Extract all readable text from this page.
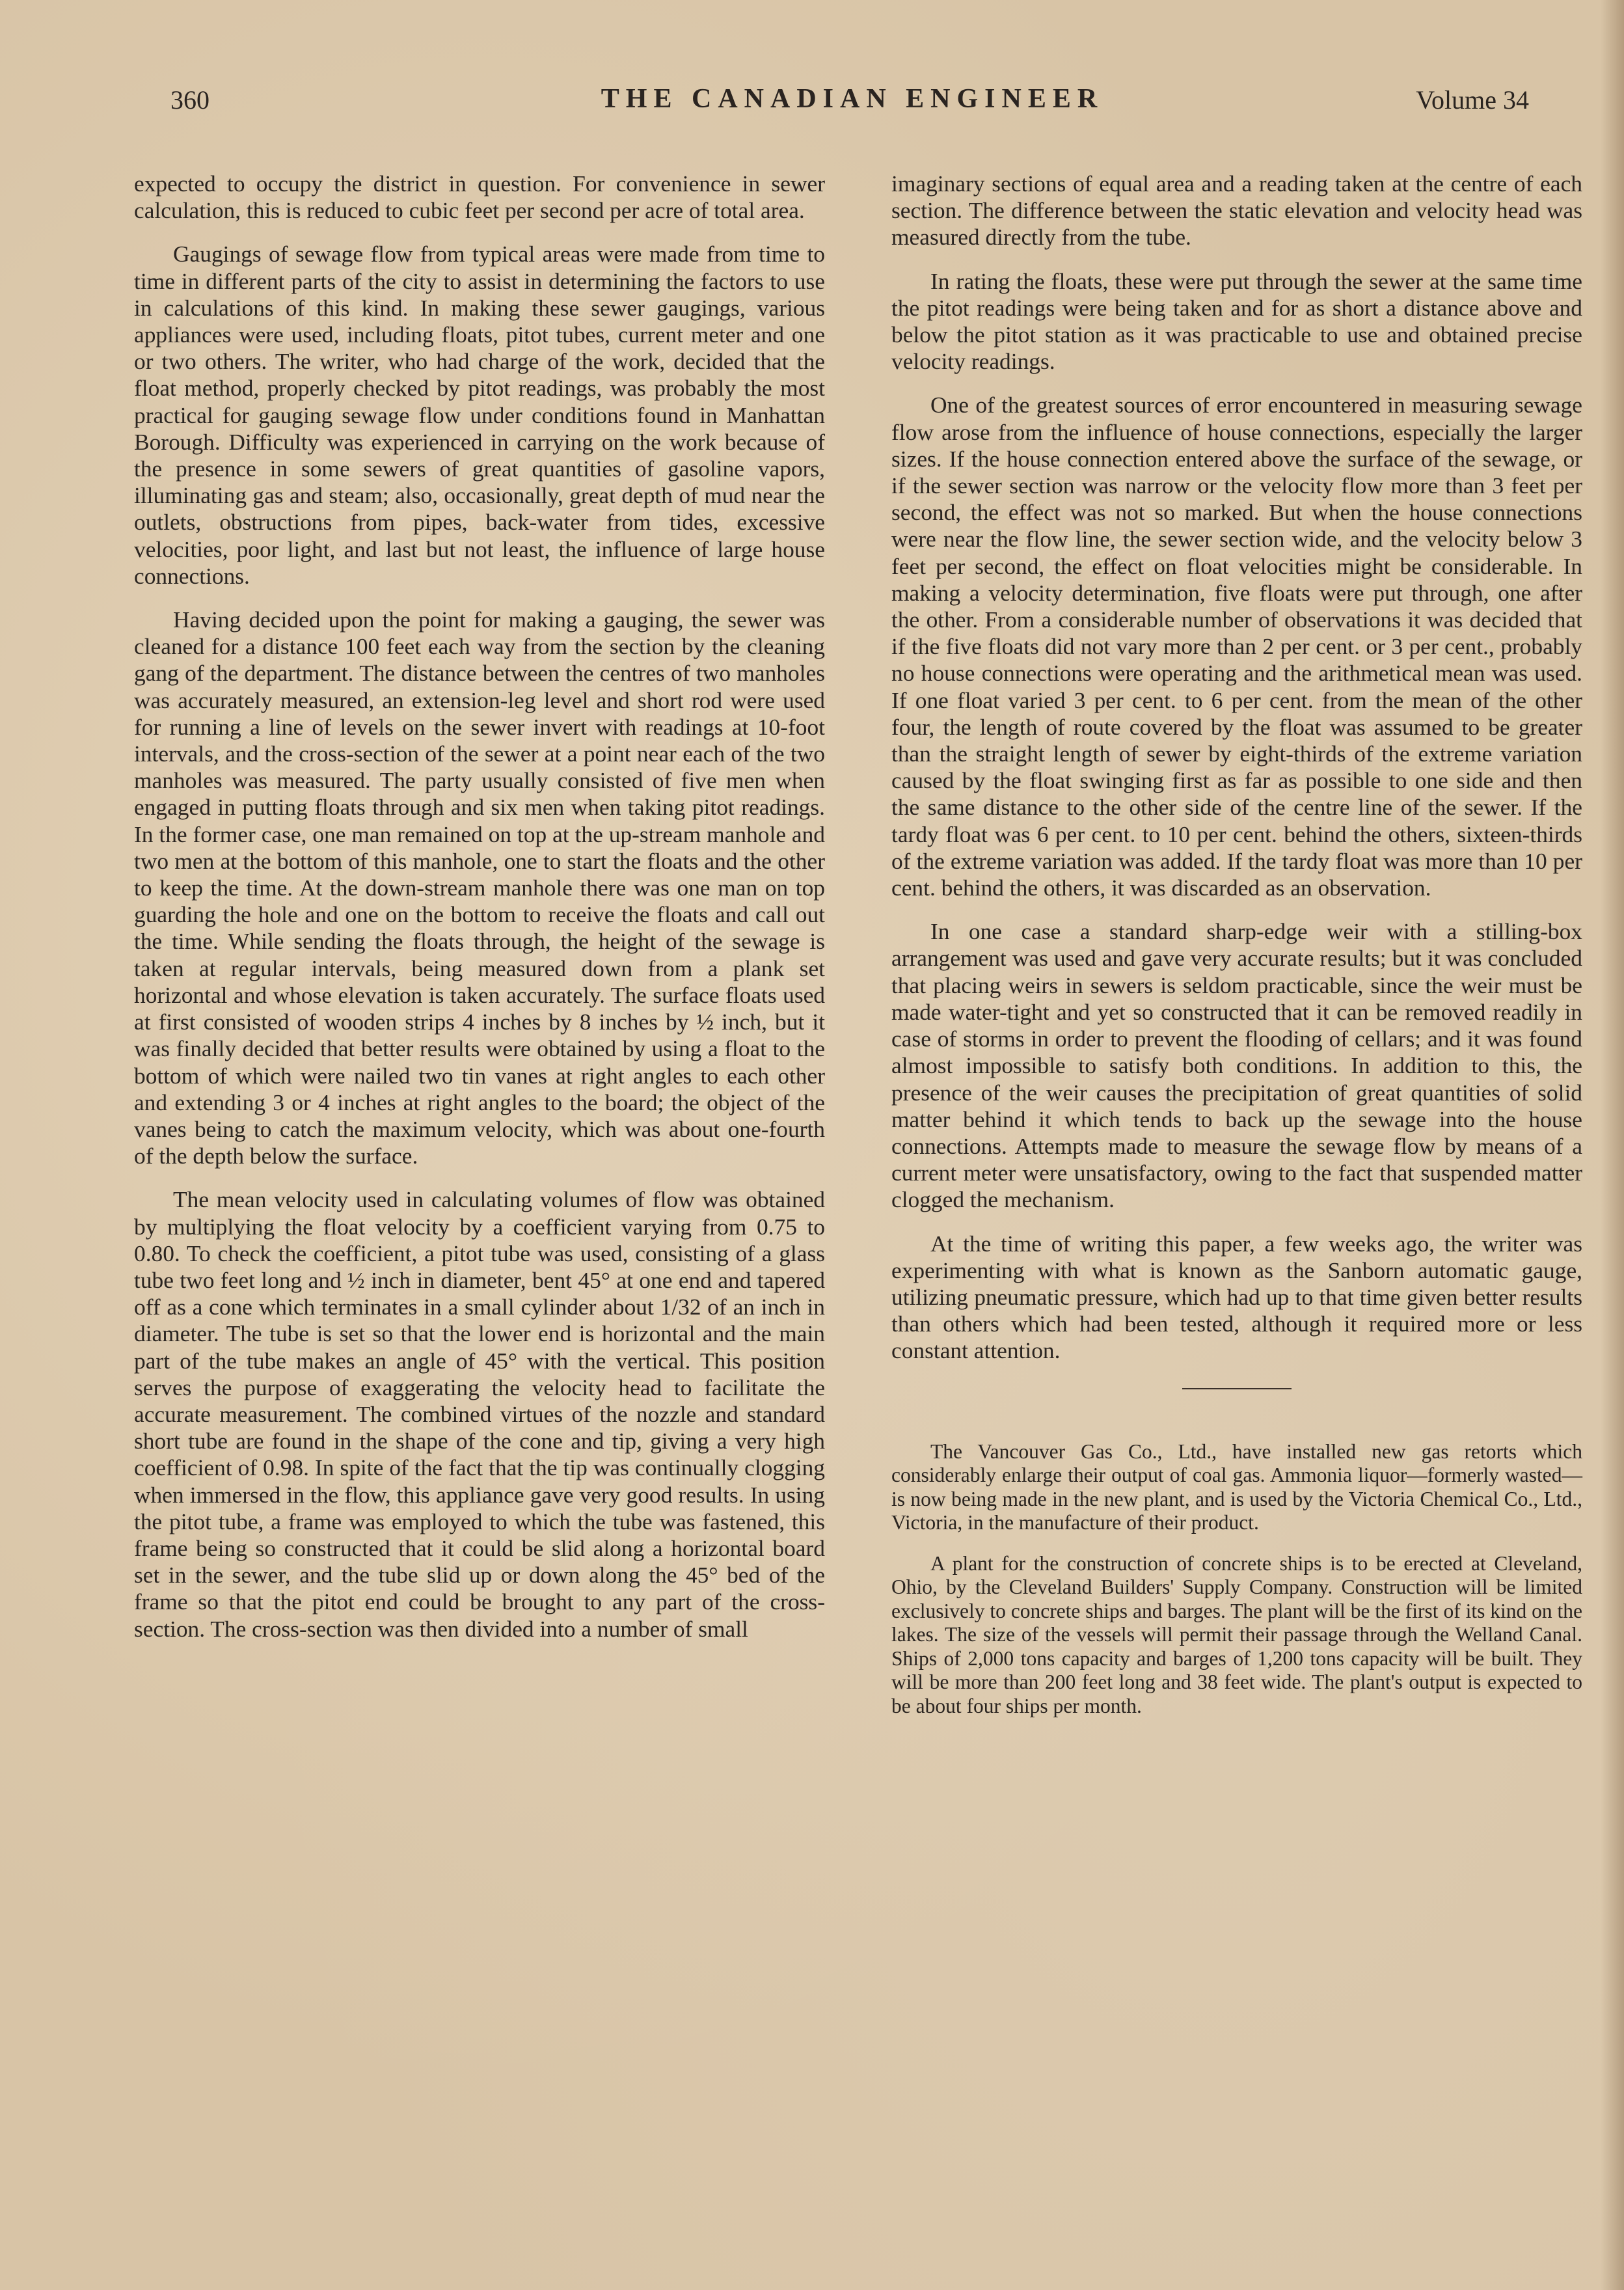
360	THE CANADIAN ENGINEER	Volume 34

expected to occupy the district in question. For convenience in sewer calculation, this is reduced to cubic feet per second per acre of total area.

Gaugings of sewage flow from typical areas were made from time to time in different parts of the city to assist in determining the factors to use in calculations of this kind. In making these sewer gaugings, various appliances were used, including floats, pitot tubes, current meter and one or two others. The writer, who had charge of the work, decided that the float method, properly checked by pitot readings, was probably the most practical for gauging sewage flow under conditions found in Manhattan Borough. Difficulty was experienced in carrying on the work because of the presence in some sewers of great quantities of gasoline vapors, illuminating gas and steam; also, occasionally, great depth of mud near the outlets, obstructions from pipes, back-water from tides, excessive velocities, poor light, and last but not least, the influence of large house connections.

Having decided upon the point for making a gauging, the sewer was cleaned for a distance 100 feet each way from the section by the cleaning gang of the department. The distance between the centres of two manholes was accurately measured, an extension-leg level and short rod were used for running a line of levels on the sewer invert with readings at 10-foot intervals, and the cross-section of the sewer at a point near each of the two manholes was measured. The party usually consisted of five men when engaged in putting floats through and six men when taking pitot readings. In the former case, one man remained on top at the up-stream manhole and two men at the bottom of this manhole, one to start the floats and the other to keep the time. At the down-stream manhole there was one man on top guarding the hole and one on the bottom to receive the floats and call out the time. While sending the floats through, the height of the sewage is taken at regular intervals, being measured down from a plank set horizontal and whose elevation is taken accurately. The surface floats used at first consisted of wooden strips 4 inches by 8 inches by ½ inch, but it was finally decided that better results were obtained by using a float to the bottom of which were nailed two tin vanes at right angles to each other and extending 3 or 4 inches at right angles to the board; the object of the vanes being to catch the maximum velocity, which was about one-fourth of the depth below the surface.

The mean velocity used in calculating volumes of flow was obtained by multiplying the float velocity by a coefficient varying from 0.75 to 0.80. To check the coefficient, a pitot tube was used, consisting of a glass tube two feet long and ½ inch in diameter, bent 45° at one end and tapered off as a cone which terminates in a small cylinder about 1/32 of an inch in diameter. The tube is set so that the lower end is horizontal and the main part of the tube makes an angle of 45° with the vertical. This position serves the purpose of exaggerating the velocity head to facilitate the accurate measurement. The combined virtues of the nozzle and standard short tube are found in the shape of the cone and tip, giving a very high coefficient of 0.98. In spite of the fact that the tip was continually clogging when immersed in the flow, this appliance gave very good results. In using the pitot tube, a frame was employed to which the tube was fastened, this frame being so constructed that it could be slid along a horizontal board set in the sewer, and the tube slid up or down along the 45° bed of the frame so that the pitot end could be brought to any part of the cross-section. The cross-section was then divided into a number of small

imaginary sections of equal area and a reading taken at the centre of each section. The difference between the static elevation and velocity head was measured directly from the tube.

In rating the floats, these were put through the sewer at the same time the pitot readings were being taken and for as short a distance above and below the pitot station as it was practicable to use and obtained precise velocity readings.

One of the greatest sources of error encountered in measuring sewage flow arose from the influence of house connections, especially the larger sizes. If the house connection entered above the surface of the sewage, or if the sewer section was narrow or the velocity flow more than 3 feet per second, the effect was not so marked. But when the house connections were near the flow line, the sewer section wide, and the velocity below 3 feet per second, the effect on float velocities might be considerable. In making a velocity determination, five floats were put through, one after the other. From a considerable number of observations it was decided that if the five floats did not vary more than 2 per cent. or 3 per cent., probably no house connections were operating and the arithmetical mean was used. If one float varied 3 per cent. to 6 per cent. from the mean of the other four, the length of route covered by the float was assumed to be greater than the straight length of sewer by eight-thirds of the extreme variation caused by the float swinging first as far as possible to one side and then the same distance to the other side of the centre line of the sewer. If the tardy float was 6 per cent. to 10 per cent. behind the others, sixteen-thirds of the extreme variation was added. If the tardy float was more than 10 per cent. behind the others, it was discarded as an observation.

In one case a standard sharp-edge weir with a stilling-box arrangement was used and gave very accurate results; but it was concluded that placing weirs in sewers is seldom practicable, since the weir must be made water-tight and yet so constructed that it can be removed readily in case of storms in order to prevent the flooding of cellars; and it was found almost impossible to satisfy both conditions. In addition to this, the presence of the weir causes the precipitation of great quantities of solid matter behind it which tends to back up the sewage into the house connections. Attempts made to measure the sewage flow by means of a current meter were unsatisfactory, owing to the fact that suspended matter clogged the mechanism.

At the time of writing this paper, a few weeks ago, the writer was experimenting with what is known as the Sanborn automatic gauge, utilizing pneumatic pressure, which had up to that time given better results than others which had been tested, although it required more or less constant attention.

The Vancouver Gas Co., Ltd., have installed new gas retorts which considerably enlarge their output of coal gas. Ammonia liquor—formerly wasted—is now being made in the new plant, and is used by the Victoria Chemical Co., Ltd., Victoria, in the manufacture of their product.

A plant for the construction of concrete ships is to be erected at Cleveland, Ohio, by the Cleveland Builders' Supply Company. Construction will be limited exclusively to concrete ships and barges. The plant will be the first of its kind on the lakes. The size of the vessels will permit their passage through the Welland Canal. Ships of 2,000 tons capacity and barges of 1,200 tons capacity will be built. They will be more than 200 feet long and 38 feet wide. The plant's output is expected to be about four ships per month.
